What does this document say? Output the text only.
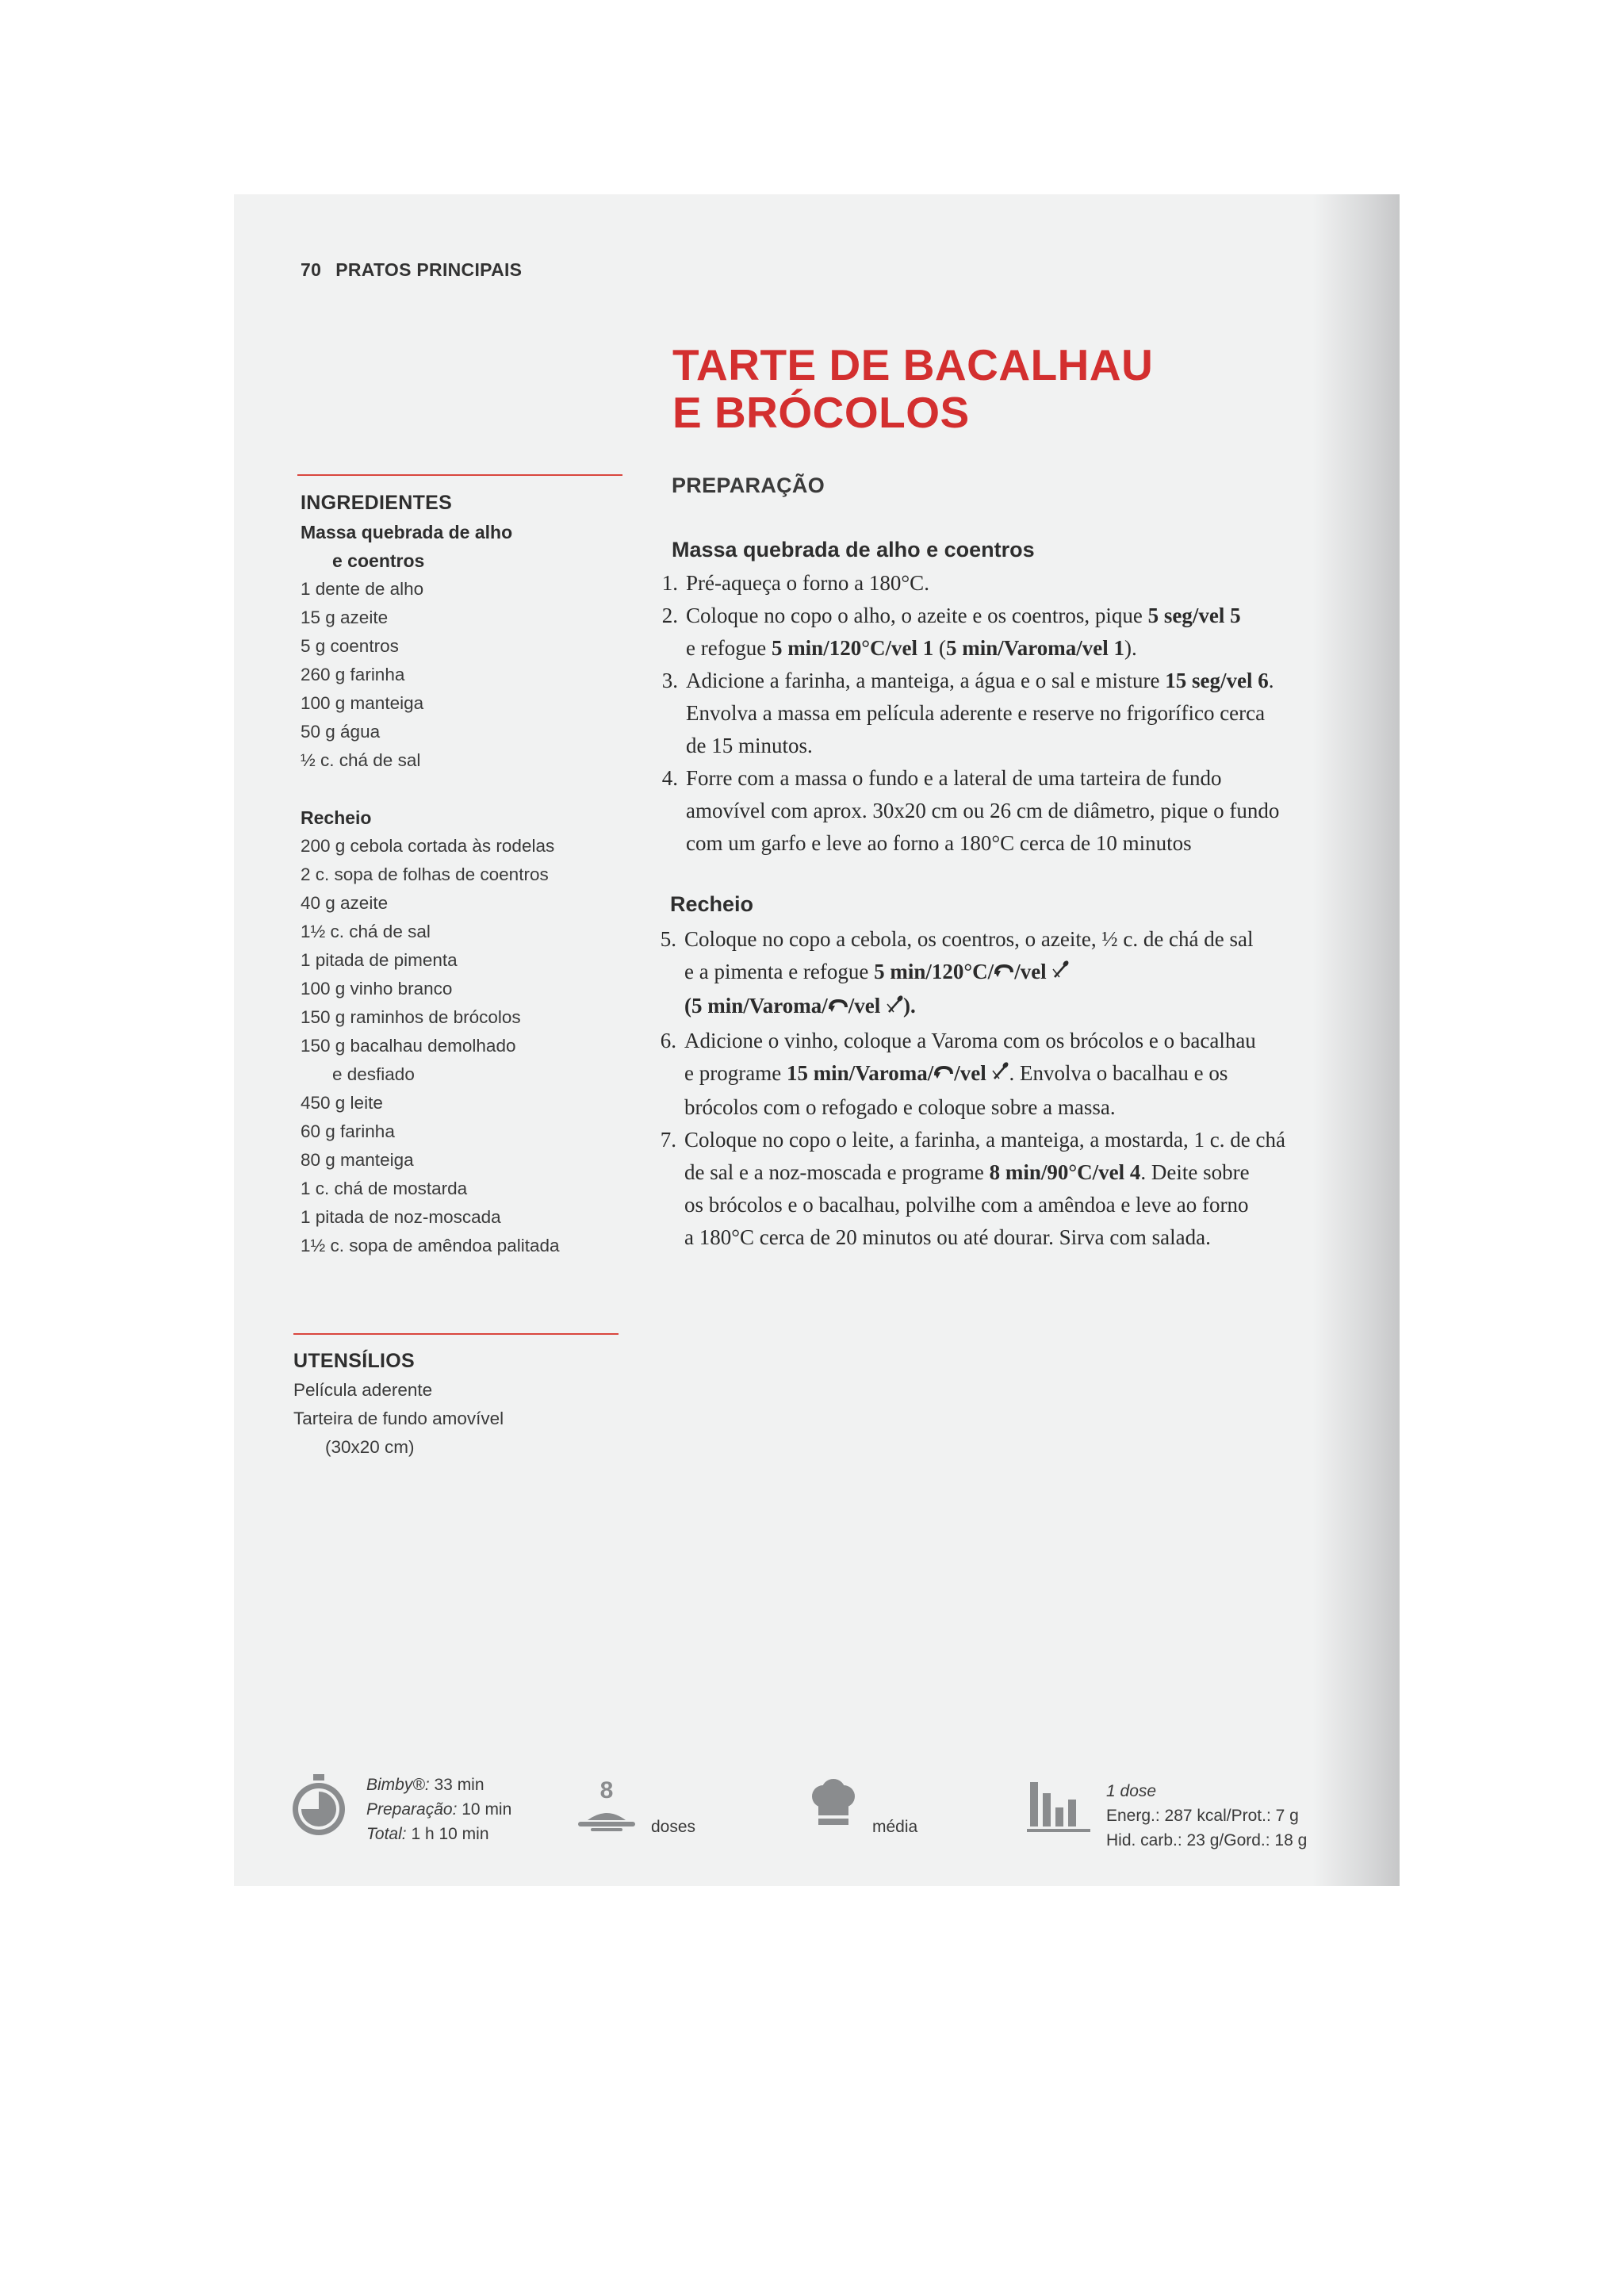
70 PRATOS PRINCIPAIS
TARTE DE BACALHAU
E BRÓCOLOS
INGREDIENTES
Massa quebrada de alho
e coentros
1 dente de alho
15 g azeite
5 g coentros
260 g farinha
100 g manteiga
50 g água
½ c. chá de sal
Recheio
200 g cebola cortada às rodelas
2 c. sopa de folhas de coentros
40 g azeite
1½ c. chá de sal
1 pitada de pimenta
100 g vinho branco
150 g raminhos de brócolos
150 g bacalhau demolhado
e desfiado
450 g leite
60 g farinha
80 g manteiga
1 c. chá de mostarda
1 pitada de noz-moscada
1½ c. sopa de amêndoa palitada
UTENSÍLIOS
Película aderente
Tarteira de fundo amovível
(30x20 cm)
PREPARAÇÃO
Massa quebrada de alho e coentros
1. Pré-aqueça o forno a 180°C.
2. Coloque no copo o alho, o azeite e os coentros, pique 5 seg/vel 5
e refogue 5 min/120°C/vel 1 (5 min/Varoma/vel 1).
3. Adicione a farinha, a manteiga, a água e o sal e misture 15 seg/vel 6.
Envolva a massa em película aderente e reserve no frigorífico cerca
de 15 minutos.
4. Forre com a massa o fundo e a lateral de uma tarteira de fundo
amovível com aprox. 30x20 cm ou 26 cm de diâmetro, pique o fundo
com um garfo e leve ao forno a 180°C cerca de 10 minutos
Recheio
5. Coloque no copo a cebola, os coentros, o azeite, ½ c. de chá de sal
e a pimenta e refogue 5 min/120°C/ /vel
(5 min/Varoma/ /vel ).
6. Adicione o vinho, coloque a Varoma com os brócolos e o bacalhau
e programe 15 min/Varoma/ /vel . Envolva o bacalhau e os
brócolos com o refogado e coloque sobre a massa.
7. Coloque no copo o leite, a farinha, a manteiga, a mostarda, 1 c. de chá
de sal e a noz-moscada e programe 8 min/90°C/vel 4. Deite sobre
os brócolos e o bacalhau, polvilhe com a amêndoa e leve ao forno
a 180°C cerca de 20 minutos ou até dourar. Sirva com salada.
Bimby®: 33 min
Preparação: 10 min
Total: 1 h 10 min
8
doses	média
1 dose
Energ.: 287 kcal/Prot.: 7 g
Hid. carb.: 23 g/Gord.: 18 g
